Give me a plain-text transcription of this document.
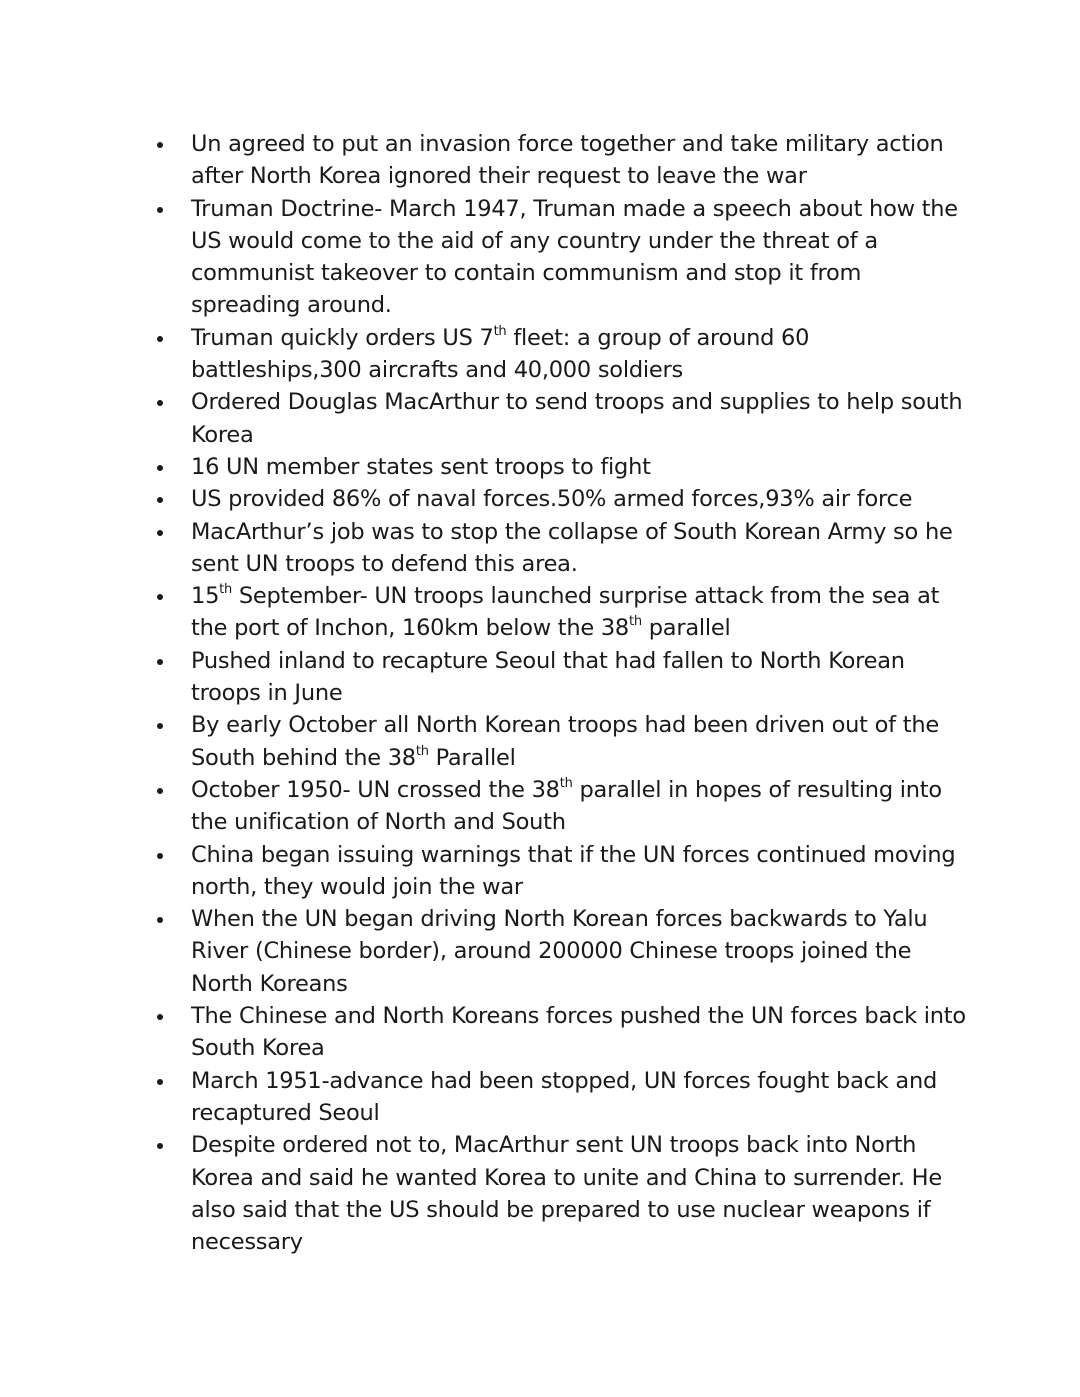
Un agreed to put an invasion force together and take military action after North Korea ignored their request to leave the war
Truman Doctrine- March 1947, Truman made a speech about how the US would come to the aid of any country under the threat of a communist takeover to contain communism and stop it from spreading around.
Truman quickly orders US 7th fleet: a group of around 60 battleships,300 aircrafts and 40,000 soldiers
Ordered Douglas MacArthur to send troops and supplies to help south Korea
16 UN member states sent troops to fight
US provided 86% of naval forces.50% armed forces,93% air force
MacArthur’s job was to stop the collapse of South Korean Army so he sent UN troops to defend this area.
15th September- UN troops launched surprise attack from the sea at the port of Inchon, 160km below the 38th parallel
Pushed inland to recapture Seoul that had fallen to North Korean troops in June
By early October all North Korean troops had been driven out of the South behind the 38th Parallel
October 1950- UN crossed the 38th parallel in hopes of resulting into the unification of North and South
China began issuing warnings that if the UN forces continued moving north, they would join the war
When the UN began driving North Korean forces backwards to Yalu River (Chinese border), around 200000 Chinese troops joined the North Koreans
The Chinese and North Koreans forces pushed the UN forces back into South Korea
March 1951-advance had been stopped, UN forces fought back and recaptured Seoul
Despite ordered not to, MacArthur sent UN troops back into North Korea and said he wanted Korea to unite and China to surrender. He also said that the US should be prepared to use nuclear weapons if necessary
